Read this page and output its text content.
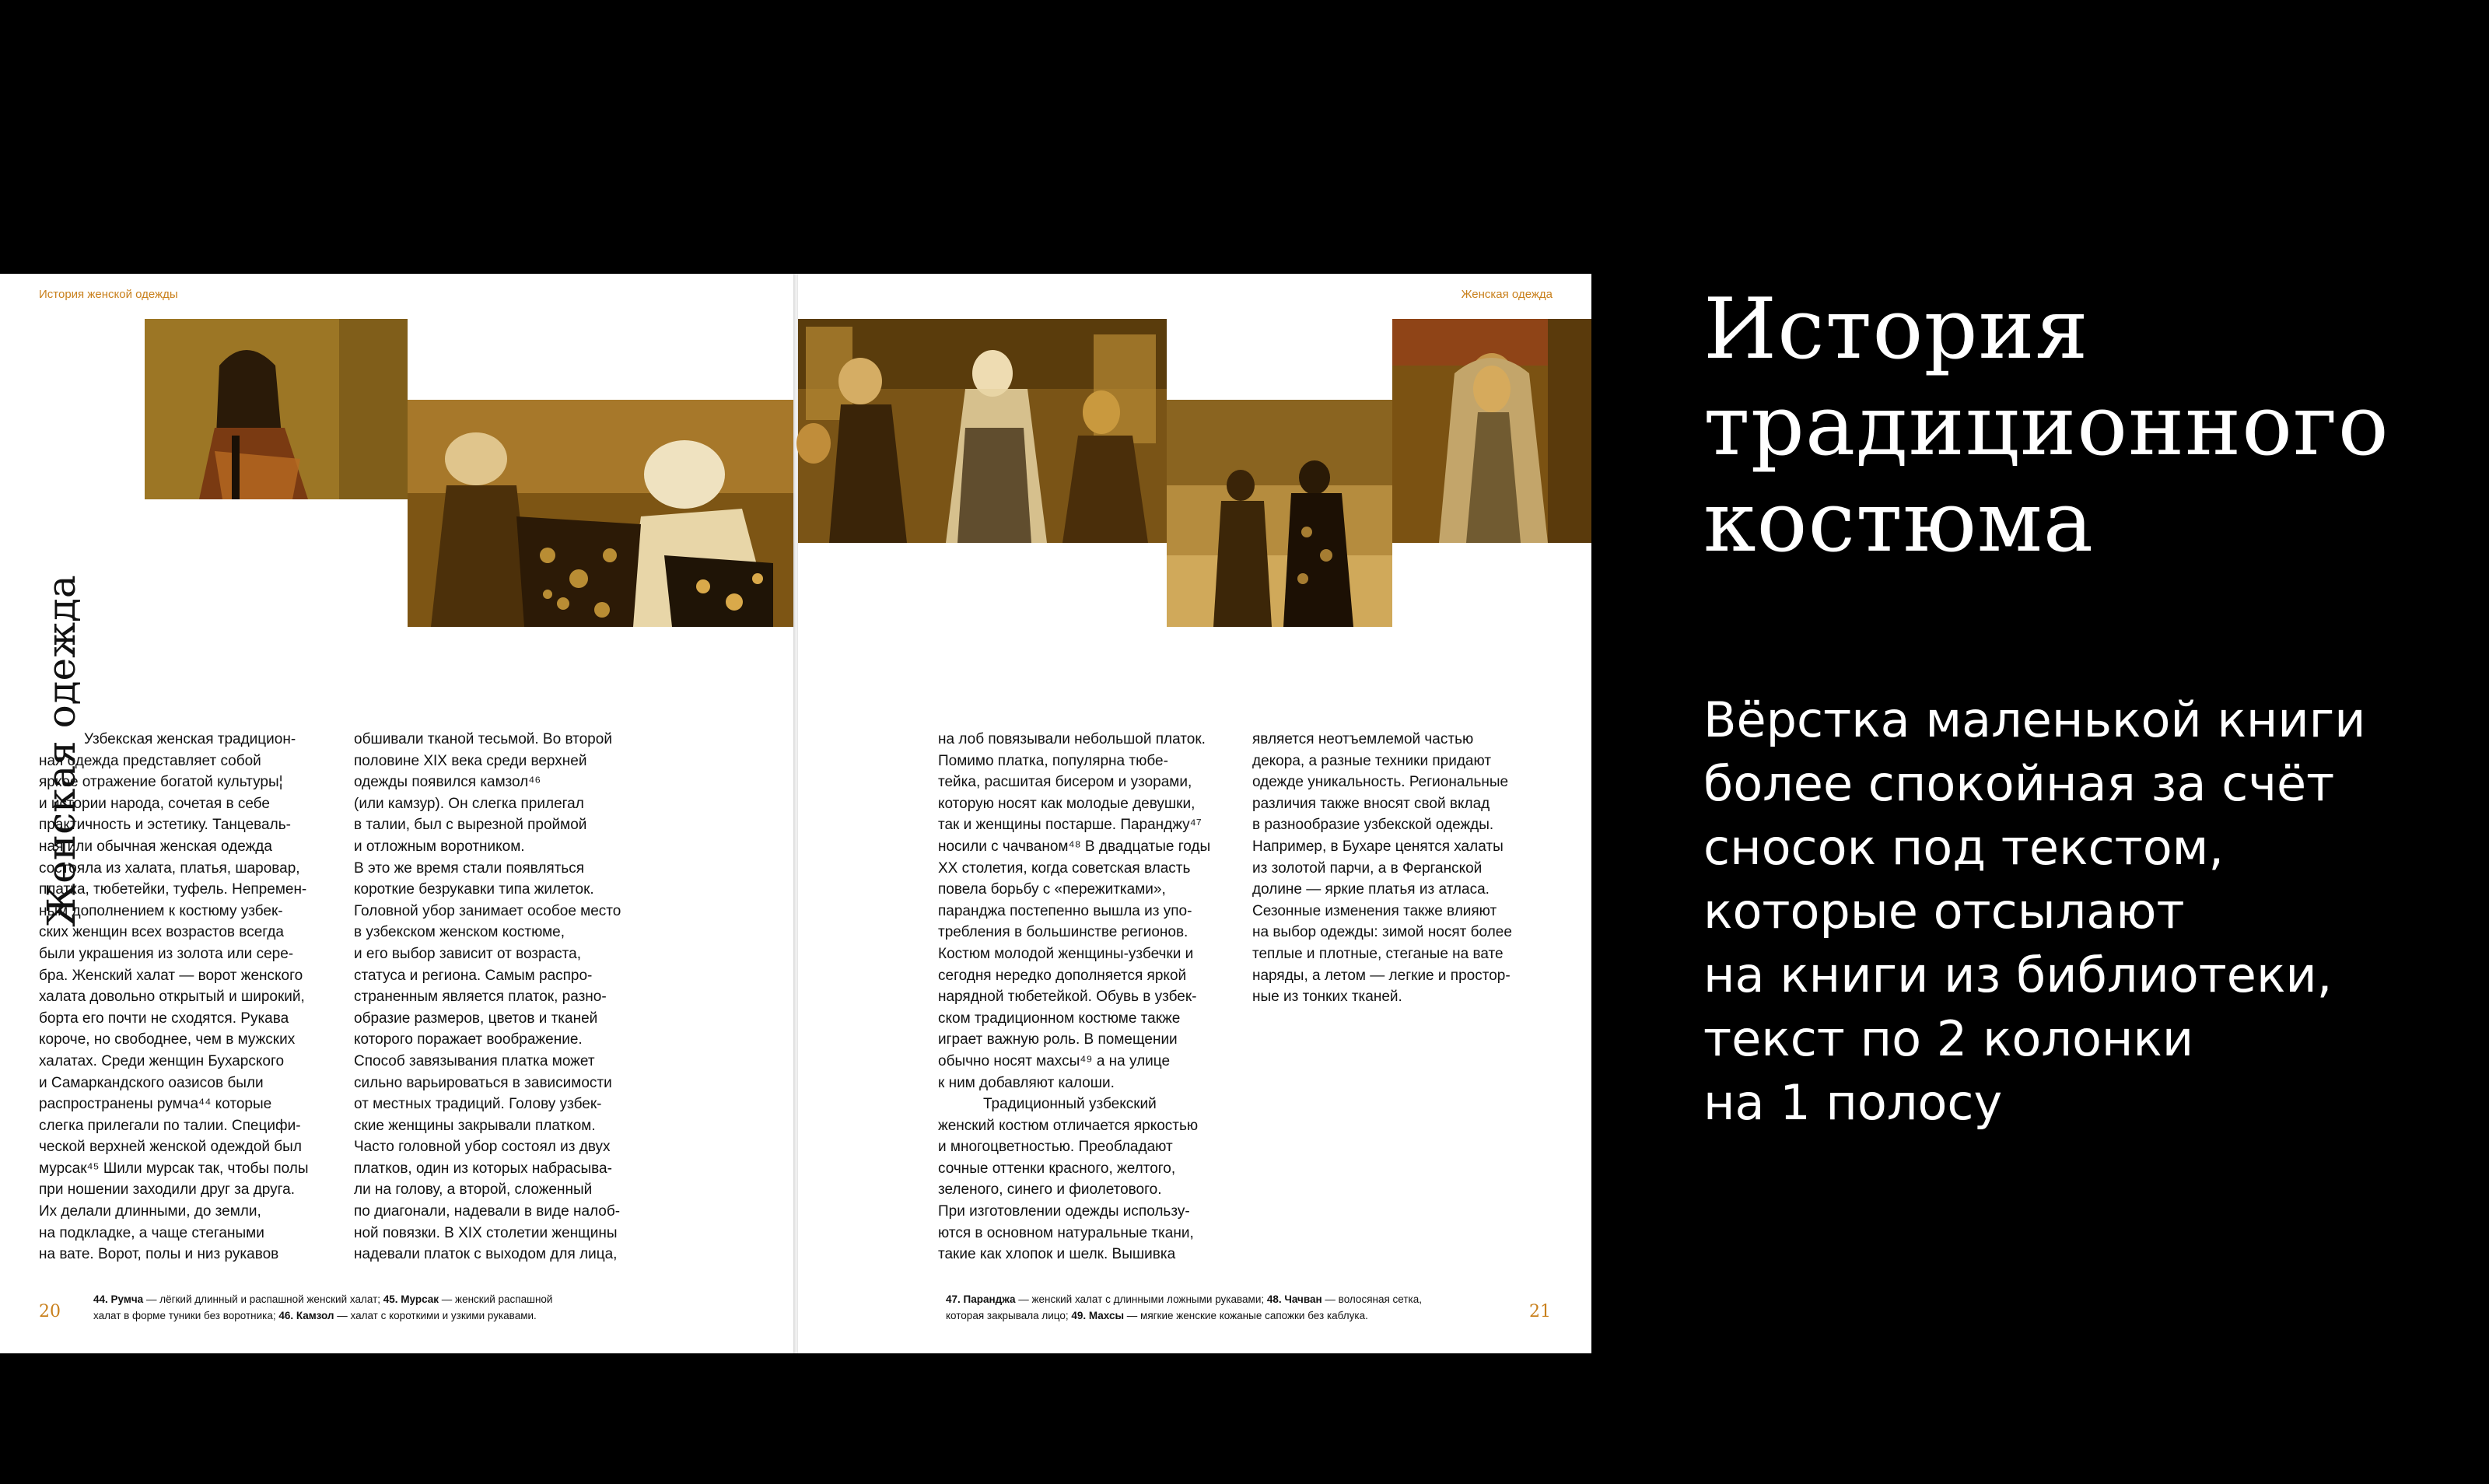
История женской одежды
Женская одежда Узбекская женская традицион-

ная одежда представляет собой

яркое отражение богатой культуры¦

и истории народа, сочетая в себе

практичность и эстетику. Танцеваль-

ная или обычная женская одежда

состояла из халата, платья, шаровар,

платка, тюбетейки, туфель. Непремен-

ным дополнением к костюму узбек-

ских женщин всех возрастов всегда

были украшения из золота или сере-

бра. Женский халат — ворот женского

халата довольно открытый и широкий,

борта его почти не сходятся. Рукава

короче, но свободнее, чем в мужских

халатах. Среди женщин Бухарского

и Самаркандского оазисов были

распространены румча⁴⁴ которые

слегка прилегали по талии. Специфи-

ческой верхней женской одеждой был

мурсак⁴⁵ Шили мурсак так, чтобы полы

при ношении заходили друг за друга.

Их делали длинными, до земли,

на подкладке, а чаще стегаными

на вате. Ворот, полы и низ рукавов

обшивали тканой тесьмой. Во второй

половине XIX века среди верхней

одежды появился камзол⁴⁶

(или камзур). Он слегка прилегал

в талии, был с вырезной проймой

и отложным воротником.

В это же время стали появляться

короткие безрукавки типа жилеток.

Головной убор занимает особое место

в узбекском женском костюме,

и его выбор зависит от возраста,

статуса и региона. Самым распро-

страненным является платок, разно-

образие размеров, цветов и тканей

которого поражает воображение.

Способ завязывания платка может

сильно варьироваться в зависимости

от местных традиций. Голову узбек-

ские женщины закрывали платком.

Часто головной убор состоял из двух

платков, один из которых набрасыва-

ли на голову, а второй, сложенный

по диагонали, надевали в виде налоб-

ной повязки. В XIX столетии женщины

надевали платок с выходом для лица,

20
44. Румча — лёгкий длинный и распашной женский халат; 45. Мурсак — женский распашной
халат в форме туники без воротника; 46. Камзол — халат с короткими и узкими рукавами.
Женская одежда

на лоб повязывали небольшой платок.

Помимо платка, популярна тюбе-

тейка, расшитая бисером и узорами,

которую носят как молодые девушки,

так и женщины постарше. Паранджу⁴⁷

носили с чачваном⁴⁸ В двадцатые годы

XX столетия, когда советская власть

повела борьбу с «пережитками»,

паранджа постепенно вышла из упо-

требления в большинстве регионов.

Костюм молодой женщины-узбечки и

сегодня нередко дополняется яркой

нарядной тюбетейкой. Обувь в узбек-

ском традиционном костюме также

играет важную роль. В помещении

обычно носят махсы⁴⁹ а на улице

к ним добавляют калоши.

Традиционный узбекский

женский костюм отличается яркостью

и многоцветностью. Преобладают

сочные оттенки красного, желтого,

зеленого, синего и фиолетового.

При изготовлении одежды использу-

ются в основном натуральные ткани,

такие как хлопок и шелк. Вышивка

является неотъемлемой частью

декора, а разные техники придают

одежде уникальность. Региональные

различия также вносят свой вклад

в разнообразие узбекской одежды.

Например, в Бухаре ценятся халаты

из золотой парчи, а в Ферганской

долине — яркие платья из атласа.

Сезонные изменения также влияют

на выбор одежды: зимой носят более

теплые и плотные, стеганые на вате

наряды, а летом — легкие и простор-

ные из тонких тканей.

47. Паранджа — женский халат с длинными ложными рукавами; 48. Чачван — волосяная сетка,
которая закрывала лицо; 49. Махсы — мягкие женские кожаные сапожки без каблука.	21
История
традиционного
костюма
Вёрстка маленькой книги
более спокойная за счёт
сносок под текстом,
которые отсылают
на книги из библиотеки,
текст по 2 колонки
на 1 полосу
